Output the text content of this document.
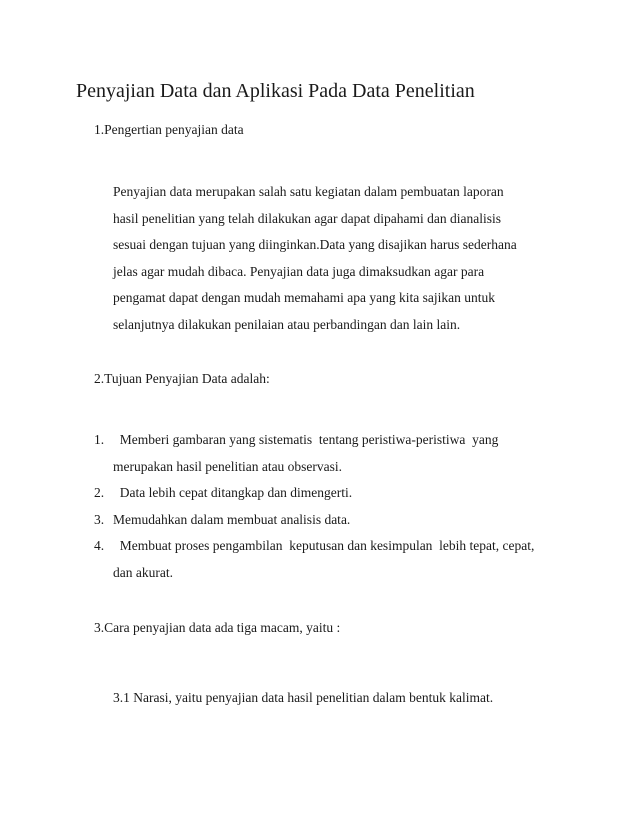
Penyajian Data dan Aplikasi Pada Data Penelitian
1.Pengertian penyajian data
Penyajian data merupakan salah satu kegiatan dalam pembuatan laporan
hasil penelitian yang telah dilakukan agar dapat dipahami dan dianalisis
sesuai dengan tujuan yang diinginkan.Data yang disajikan harus sederhana
jelas agar mudah dibaca. Penyajian data juga dimaksudkan agar para
pengamat dapat dengan mudah memahami apa yang kita sajikan untuk
selanjutnya dilakukan penilaian atau perbandingan dan lain lain.
2.Tujuan Penyajian Data adalah:
1. Memberi gambaran yang sistematis  tentang peristiwa-peristiwa  yang
merupakan hasil penelitian atau observasi.
2. Data lebih cepat ditangkap dan dimengerti.
3. Memudahkan dalam membuat analisis data.
4. Membuat proses pengambilan  keputusan dan kesimpulan  lebih tepat, cepat,
dan akurat.
3.Cara penyajian data ada tiga macam, yaitu :
3.1 Narasi, yaitu penyajian data hasil penelitian dalam bentuk kalimat.
